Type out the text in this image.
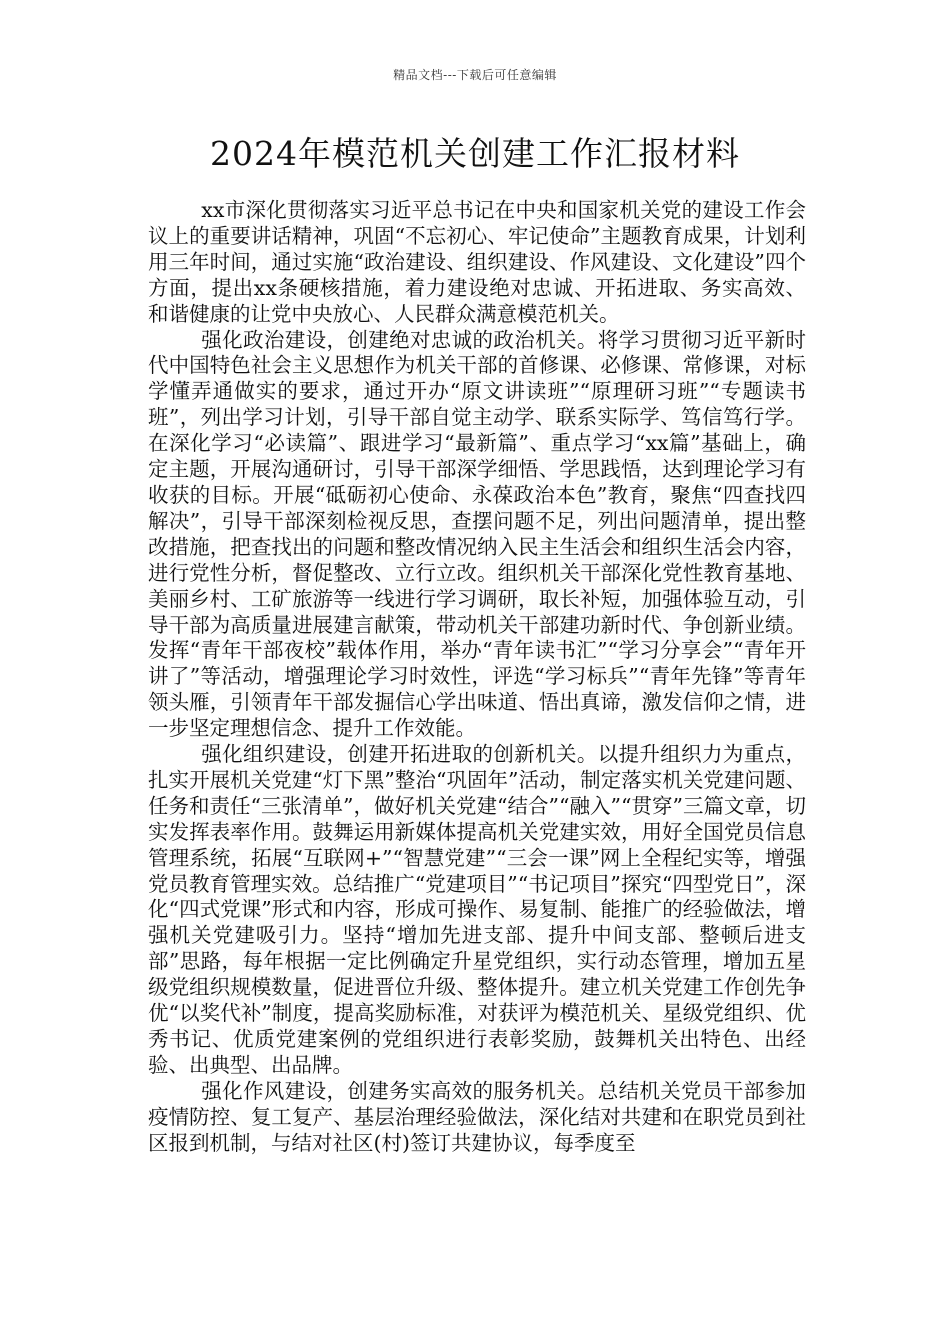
精品文档---下载后可任意编辑
2024年模范机关创建工作汇报材料

xx市深化贯彻落实习近平总书记在中央和国家机关党的建设工作会议上的重要讲话精神，巩固“不忘初心、牢记使命”主题教育成果，计划利用三年时间，通过实施“政治建设、组织建设、作风建设、文化建设”四个方面，提出xx条硬核措施，着力建设绝对忠诚、开拓进取、务实高效、和谐健康的让党中央放心、人民群众满意模范机关。

强化政治建设，创建绝对忠诚的政治机关。将学习贯彻习近平新时代中国特色社会主义思想作为机关干部的首修课、必修课、常修课，对标学懂弄通做实的要求，通过开办“原文讲读班”“原理研习班”“专题读书班”，列出学习计划，引导干部自觉主动学、联系实际学、笃信笃行学。在深化学习“必读篇”、跟进学习“最新篇”、重点学习“xx篇”基础上，确定主题，开展沟通研讨，引导干部深学细悟、学思践悟，达到理论学习有收获的目标。开展“砥砺初心使命、永葆政治本色”教育，聚焦“四查找四解决”，引导干部深刻检视反思，查摆问题不足，列出问题清单，提出整改措施，把查找出的问题和整改情况纳入民主生活会和组织生活会内容，进行党性分析，督促整改、立行立改。组织机关干部深化党性教育基地、美丽乡村、工矿旅游等一线进行学习调研，取长补短，加强体验互动，引导干部为高质量进展建言献策，带动机关干部建功新时代、争创新业绩。发挥“青年干部夜校”载体作用，举办“青年读书汇”“学习分享会”“青年开讲了”等活动，增强理论学习时效性，评选“学习标兵”“青年先锋”等青年领头雁，引领青年干部发掘信心学出味道、悟出真谛，激发信仰之情，进一步坚定理想信念、提升工作效能。

强化组织建设，创建开拓进取的创新机关。以提升组织力为重点，扎实开展机关党建“灯下黑”整治“巩固年”活动，制定落实机关党建问题、任务和责任“三张清单”，做好机关党建“结合”“融入”“贯穿”三篇文章，切实发挥表率作用。鼓舞运用新媒体提高机关党建实效，用好全国党员信息管理系统，拓展“互联网+”“智慧党建”“三会一课”网上全程纪实等，增强党员教育管理实效。总结推广“党建项目”“书记项目”探究“四型党日”，深化“四式党课”形式和内容，形成可操作、易复制、能推广的经验做法，增强机关党建吸引力。坚持“增加先进支部、提升中间支部、整顿后进支部”思路，每年根据一定比例确定升星党组织，实行动态管理，增加五星级党组织规模数量，促进晋位升级、整体提升。建立机关党建工作创先争优“以奖代补”制度，提高奖励标准，对获评为模范机关、星级党组织、优秀书记、优质党建案例的党组织进行表彰奖励，鼓舞机关出特色、出经验、出典型、出品牌。

强化作风建设，创建务实高效的服务机关。总结机关党员干部参加疫情防控、复工复产、基层治理经验做法，深化结对共建和在职党员到社区报到机制，与结对社区(村)签订共建协议，每季度至
